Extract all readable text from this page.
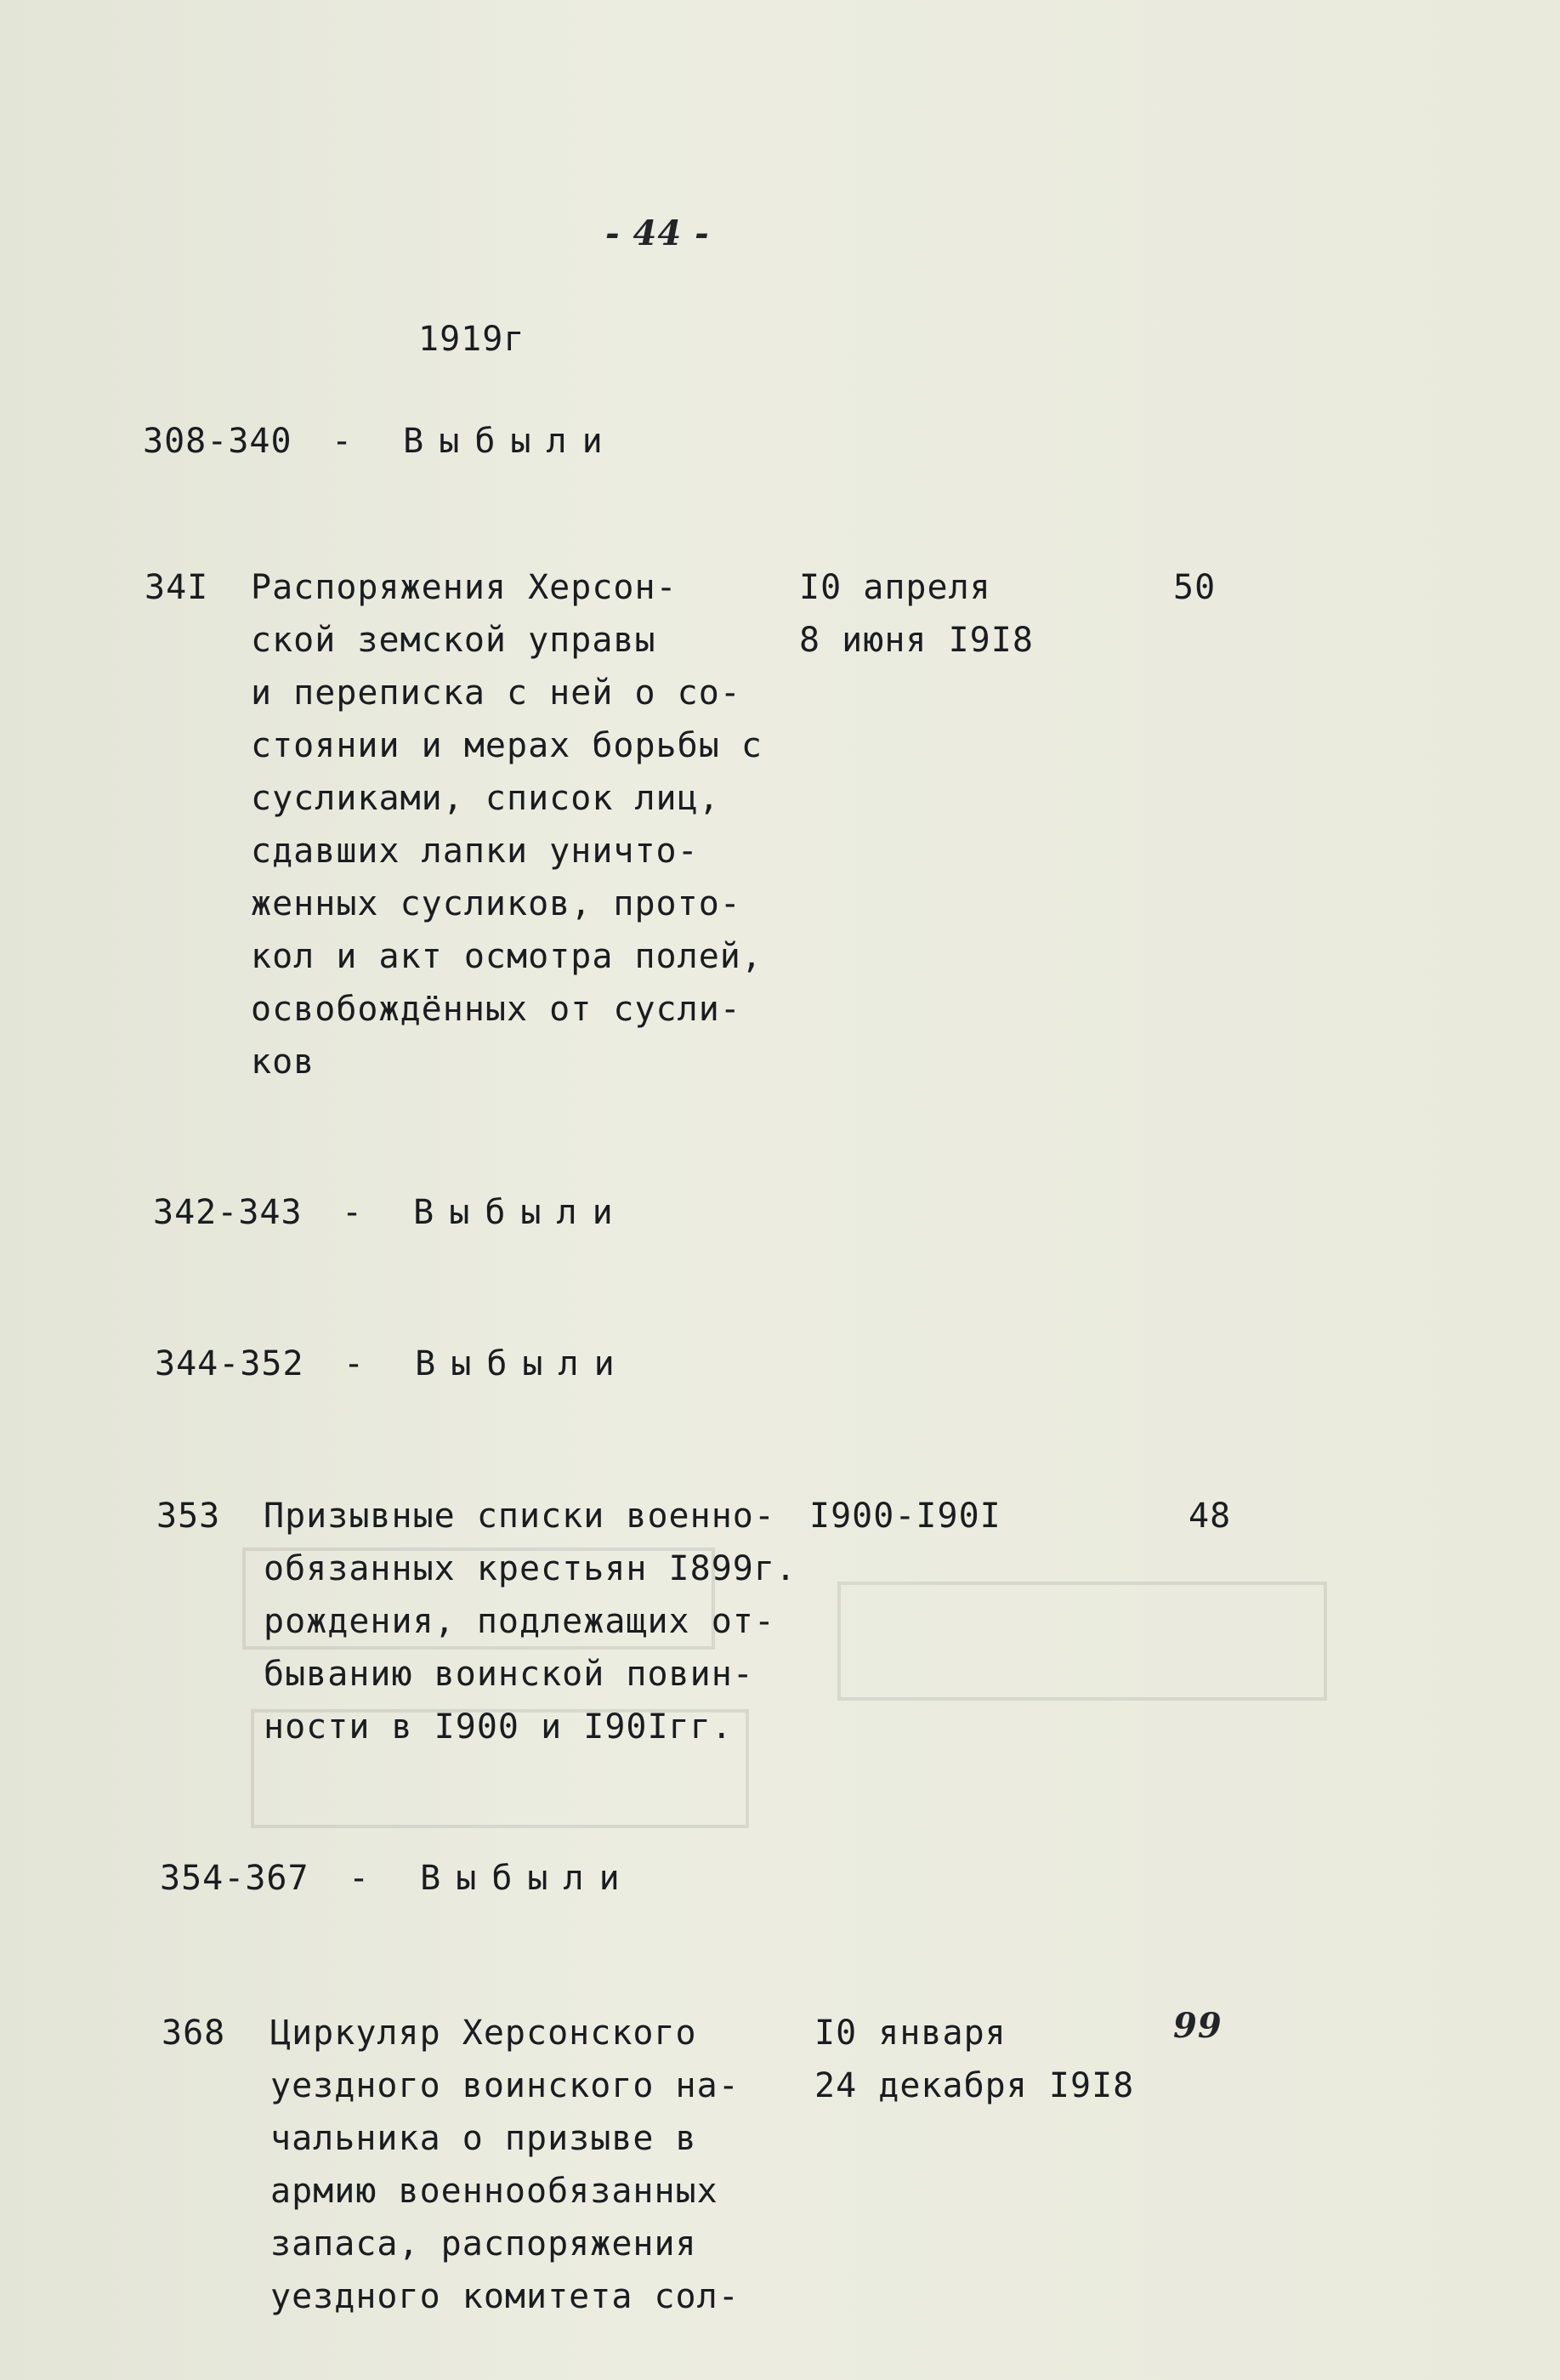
- 44 -
1919г
308-340 - Выбыли
34I Распоряжения Херсон-
ской земской управы
и переписка с ней о со-
стоянии и мерах борьбы с
сусликами, список лиц,
сдавших лапки уничто-
женных сусликов, прото-
кол и акт осмотра полей,
освобождённых от сусли-
ков
I0 апреля
8 июня I9I8
50
342-343 - Выбыли
344-352 - Выбыли
353 Призывные списки военно-
обязанных крестьян I899г.
рождения, подлежащих от-
быванию воинской повин-
ности в I900 и I90Iгг.
I900-I90I	48
354-367 - Выбыли
368 Циркуляр Херсонского
уездного воинского на-
чальника о призыве в
армию военнообязанных
запаса, распоряжения
уездного комитета сол-
I0 января
24 декабря I9I8
99
